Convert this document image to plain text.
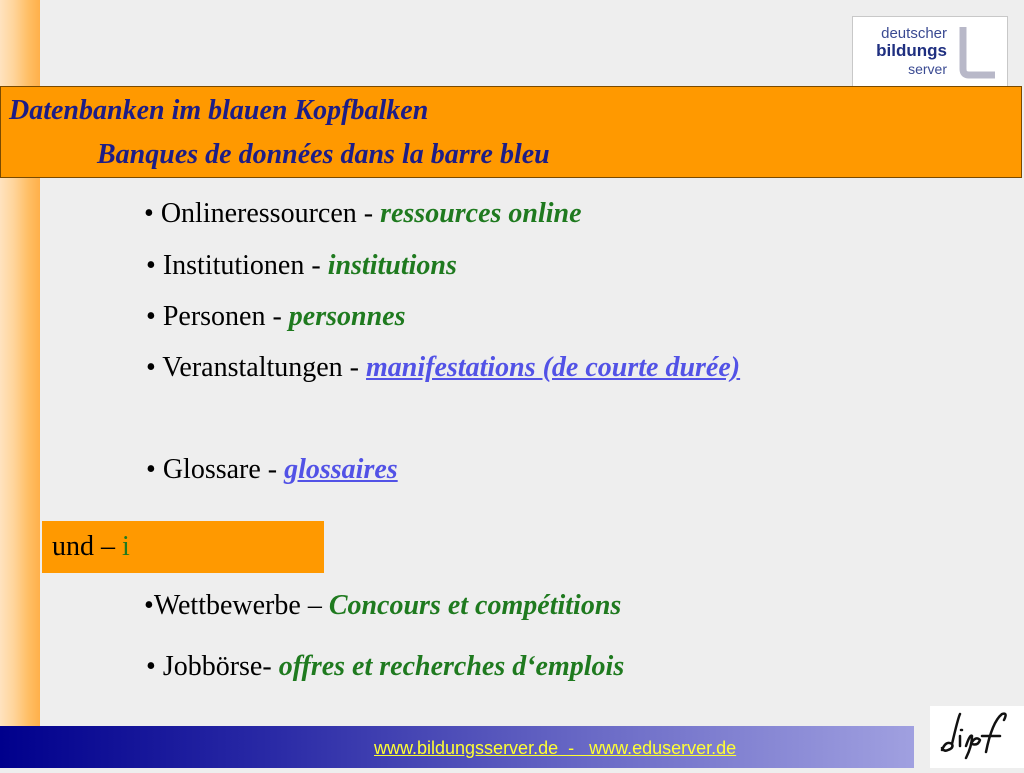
deutscher
bildungs
server
Datenbanken im blauen Kopfbalken
Banques de données dans la barre bleu
• Onlineressourcen - ressources online
• Institutionen - institutions
• Personen - personnes
• Veranstaltungen - manifestations (de courte durée)
• Glossare - glossaires
und – i
•Wettbewerbe – Concours et compétitions
• Jobbörse- offres et recherches d‘emplois
www.bildungsserver.de  -   www.eduserver.de
